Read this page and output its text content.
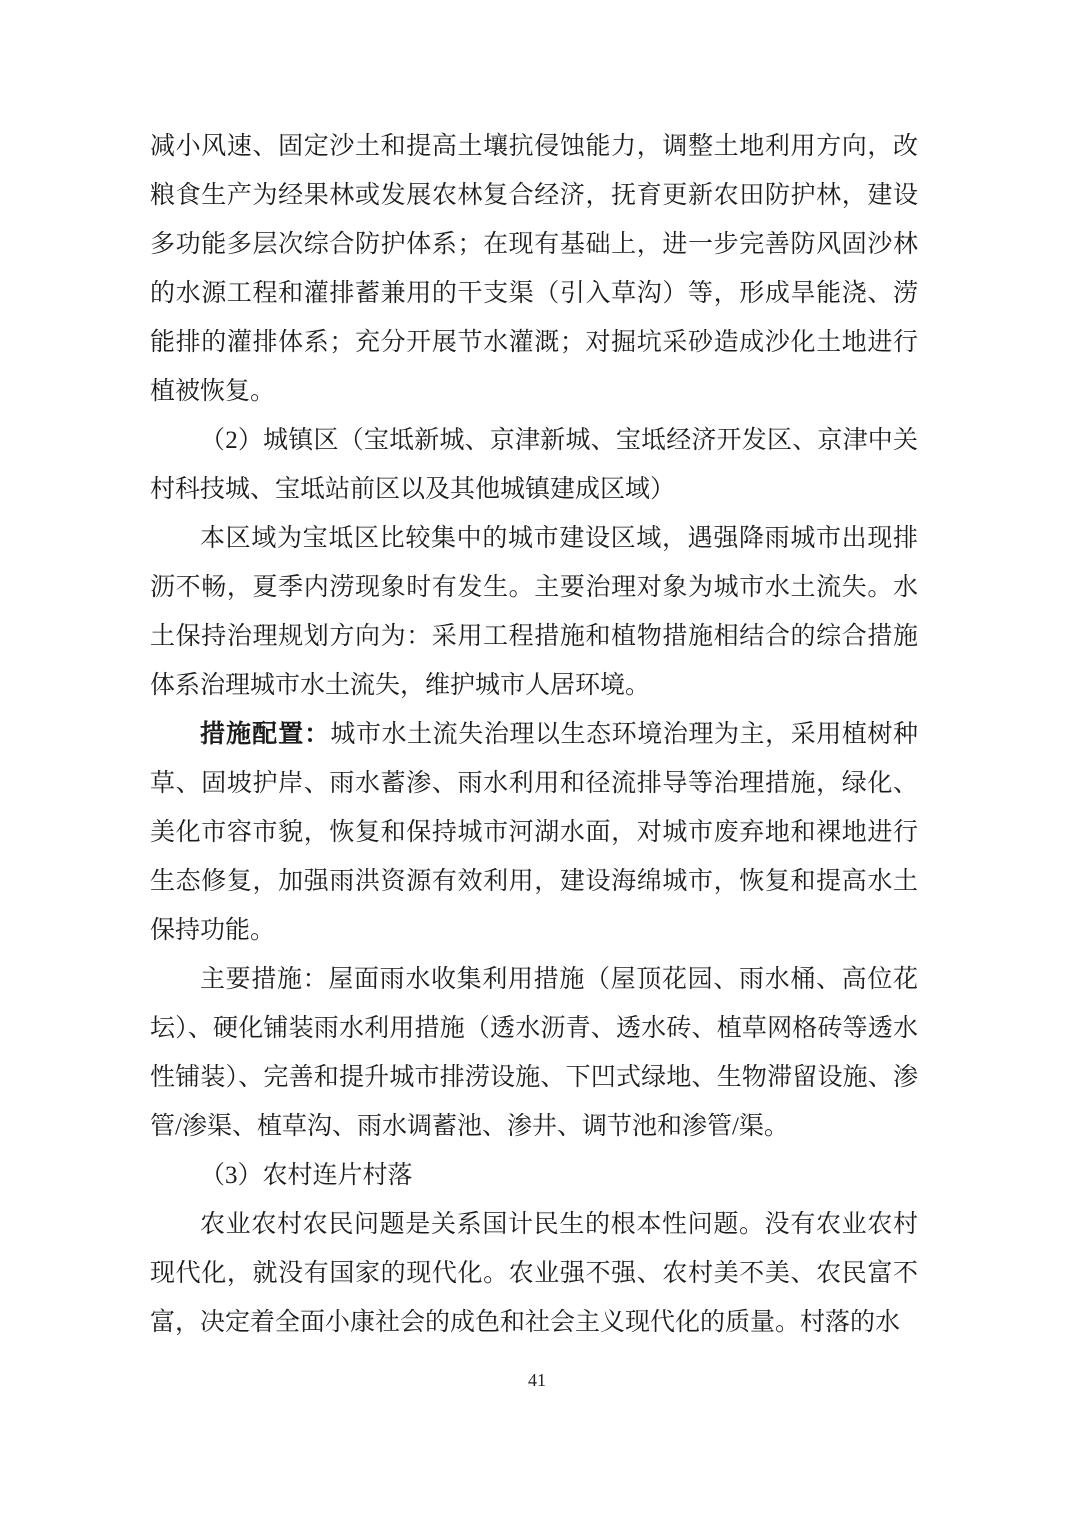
减小风速、固定沙土和提高土壤抗侵蚀能力，调整土地利用方向，改粮食生产为经果林或发展农林复合经济，抚育更新农田防护林，建设多功能多层次综合防护体系；在现有基础上，进一步完善防风固沙林的水源工程和灌排蓄兼用的干支渠（引入草沟）等，形成旱能浇、涝能排的灌排体系；充分开展节水灌溉；对掘坑采砂造成沙化土地进行植被恢复。

（2）城镇区（宝坻新城、京津新城、宝坻经济开发区、京津中关村科技城、宝坻站前区以及其他城镇建成区域）

本区域为宝坻区比较集中的城市建设区域，遇强降雨城市出现排沥不畅，夏季内涝现象时有发生。主要治理对象为城市水土流失。水土保持治理规划方向为：采用工程措施和植物措施相结合的综合措施体系治理城市水土流失，维护城市人居环境。

措施配置：城市水土流失治理以生态环境治理为主，采用植树种草、固坡护岸、雨水蓄渗、雨水利用和径流排导等治理措施，绿化、美化市容市貌，恢复和保持城市河湖水面，对城市废弃地和裸地进行生态修复，加强雨洪资源有效利用，建设海绵城市，恢复和提高水土保持功能。

主要措施：屋面雨水收集利用措施（屋顶花园、雨水桶、高位花坛）、硬化铺装雨水利用措施（透水沥青、透水砖、植草网格砖等透水性铺装）、完善和提升城市排涝设施、下凹式绿地、生物滞留设施、渗管/渗渠、植草沟、雨水调蓄池、渗井、调节池和渗管/渠。

（3）农村连片村落

农业农村农民问题是关系国计民生的根本性问题。没有农业农村现代化，就没有国家的现代化。农业强不强、农村美不美、农民富不富，决定着全面小康社会的成色和社会主义现代化的质量。村落的水

41
